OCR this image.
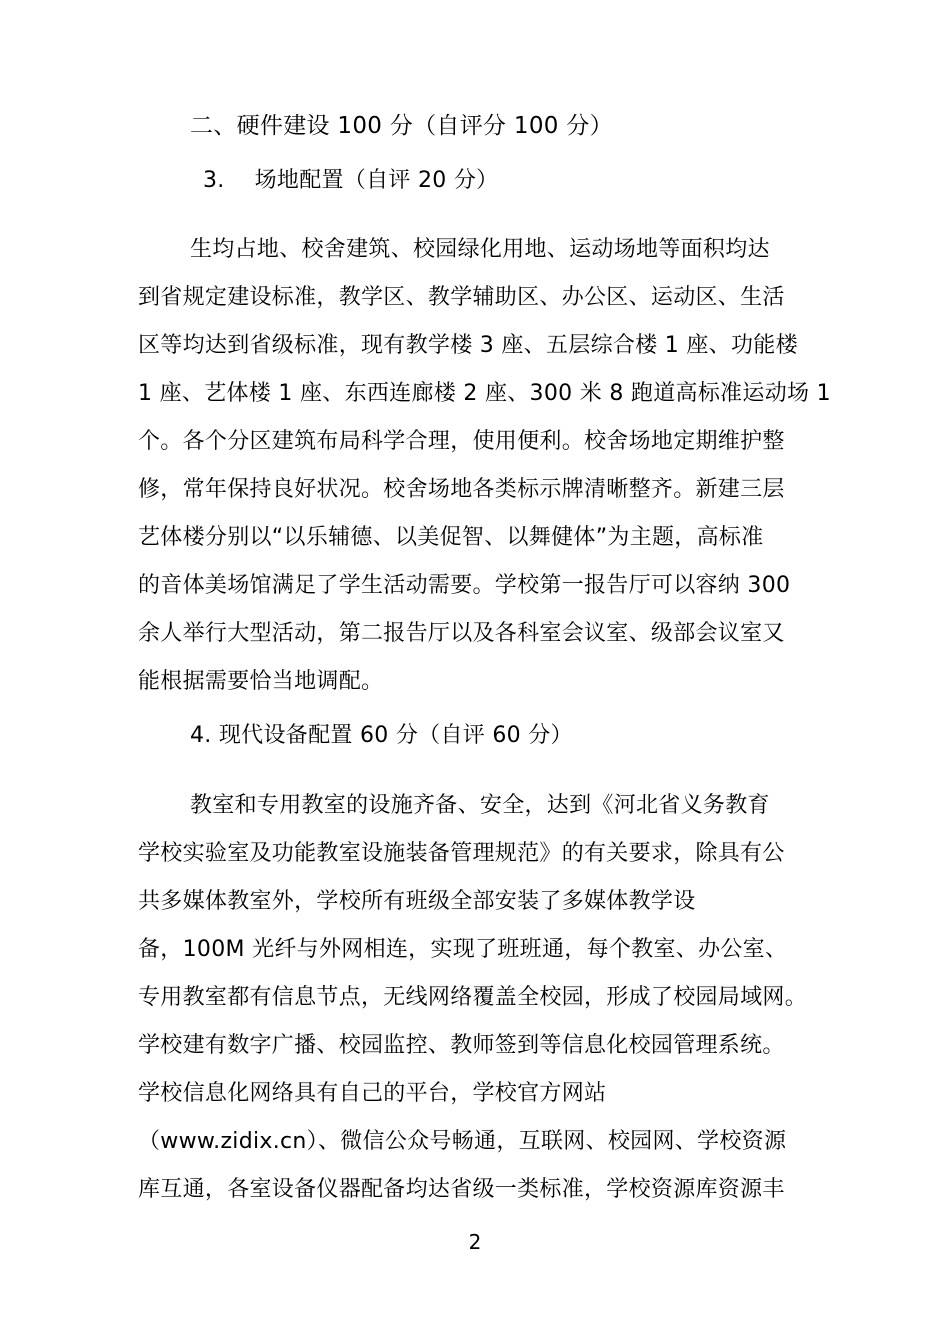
二、硬件建设 100 分（自评分 100 分）
3. 场地配置（自评 20 分）
生均占地、校舍建筑、校园绿化用地、运动场地等面积均达
到省规定建设标准，教学区、教学辅助区、办公区、运动区、生活
区等均达到省级标准，现有教学楼 3 座、五层综合楼 1 座、功能楼
1 座、艺体楼 1 座、东西连廊楼 2 座、300 米 8 跑道高标准运动场 1
个。各个分区建筑布局科学合理，使用便利。校舍场地定期维护整
修，常年保持良好状况。校舍场地各类标示牌清晰整齐。新建三层
艺体楼分别以“以乐辅德、以美促智、以舞健体”为主题，高标准
的音体美场馆满足了学生活动需要。学校第一报告厅可以容纳 300
余人举行大型活动，第二报告厅以及各科室会议室、级部会议室又
能根据需要恰当地调配。
4. 现代设备配置 60 分（自评 60 分）
教室和专用教室的设施齐备、安全，达到《河北省义务教育
学校实验室及功能教室设施装备管理规范》的有关要求，除具有公
共多媒体教室外，学校所有班级全部安装了多媒体教学设
备，100M 光纤与外网相连，实现了班班通，每个教室、办公室、
专用教室都有信息节点，无线网络覆盖全校园，形成了校园局域网。
学校建有数字广播、校园监控、教师签到等信息化校园管理系统。
学校信息化网络具有自己的平台，学校官方网站
（www.zidix.cn）、微信公众号畅通，互联网、校园网、学校资源
库互通，各室设备仪器配备均达省级一类标准，学校资源库资源丰
2
